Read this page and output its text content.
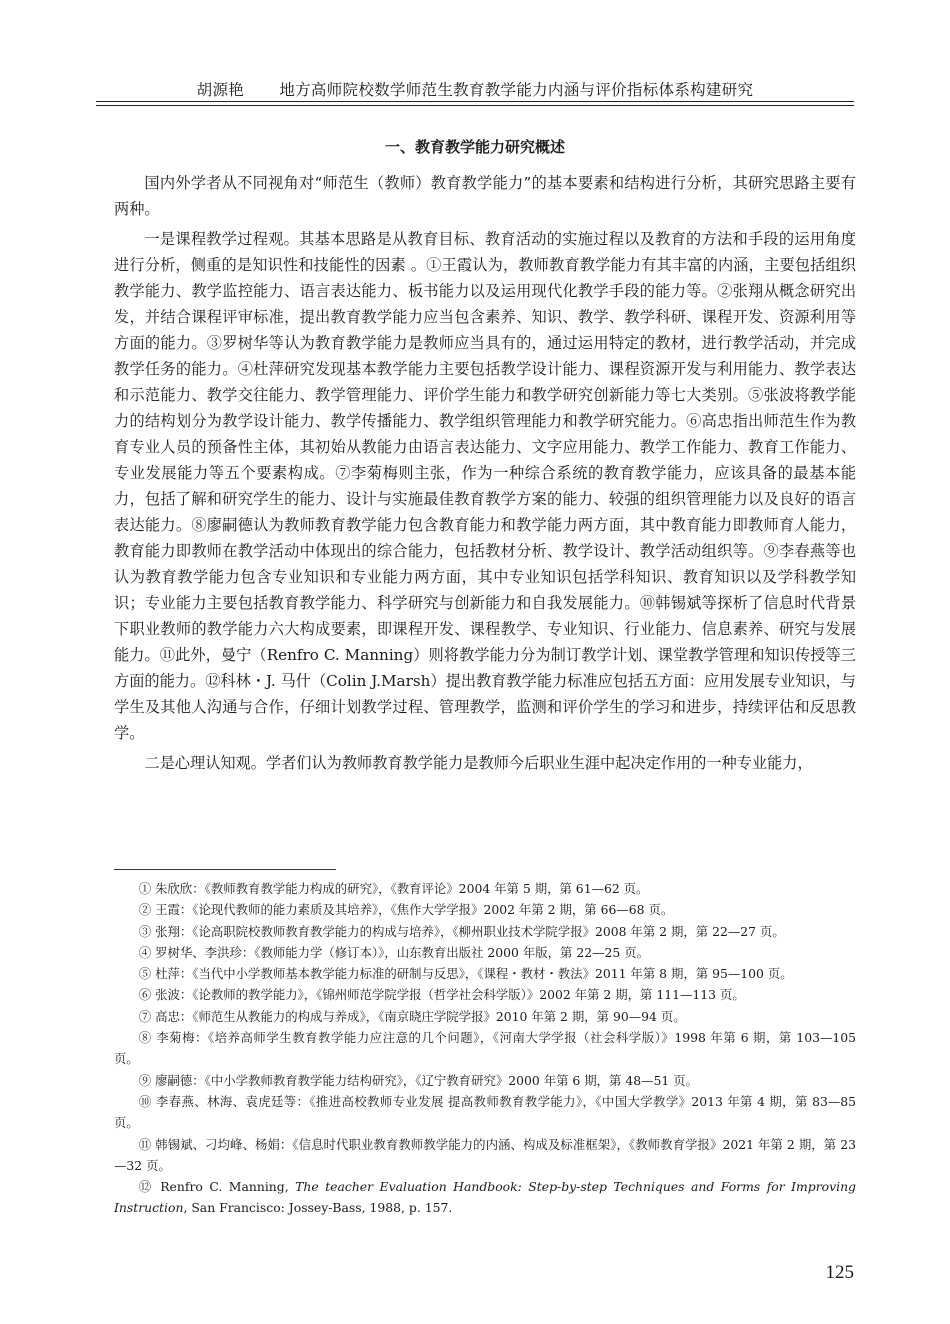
胡源艳 地方高师院校数学师范生教育教学能力内涵与评价指标体系构建研究
一、教育教学能力研究概述

国内外学者从不同视角对“师范生（教师）教育教学能力”的基本要素和结构进行分析，其研究思路主要有两种。

一是课程教学过程观。其基本思路是从教育目标、教育活动的实施过程以及教育的方法和手段的运用角度进行分析，侧重的是知识性和技能性的因素 。①王霞认为，教师教育教学能力有其丰富的内涵，主要包括组织教学能力、教学监控能力、语言表达能力、板书能力以及运用现代化教学手段的能力等。②张翔从概念研究出发，并结合课程评审标准，提出教育教学能力应当包含素养、知识、教学、教学科研、课程开发、资源利用等方面的能力。③罗树华等认为教育教学能力是教师应当具有的，通过运用特定的教材，进行教学活动，并完成教学任务的能力。④杜萍研究发现基本教学能力主要包括教学设计能力、课程资源开发与利用能力、教学表达和示范能力、教学交往能力、教学管理能力、评价学生能力和教学研究创新能力等七大类别。⑤张波将教学能力的结构划分为教学设计能力、教学传播能力、教学组织管理能力和教学研究能力。⑥高忠指出师范生作为教育专业人员的预备性主体，其初始从教能力由语言表达能力、文字应用能力、教学工作能力、教育工作能力、专业发展能力等五个要素构成。⑦李菊梅则主张，作为一种综合系统的教育教学能力，应该具备的最基本能力，包括了解和研究学生的能力、设计与实施最佳教育教学方案的能力、较强的组织管理能力以及良好的语言表达能力。⑧廖嗣德认为教师教育教学能力包含教育能力和教学能力两方面，其中教育能力即教师育人能力，教育能力即教师在教学活动中体现出的综合能力，包括教材分析、教学设计、教学活动组织等。⑨李春燕等也认为教育教学能力包含专业知识和专业能力两方面，其中专业知识包括学科知识、教育知识以及学科教学知识；专业能力主要包括教育教学能力、科学研究与创新能力和自我发展能力。⑩韩锡斌等探析了信息时代背景下职业教师的教学能力六大构成要素，即课程开发、课程教学、专业知识、行业能力、信息素养、研究与发展能力。⑪此外，曼宁（Renfro C. Manning）则将教学能力分为制订教学计划、课堂教学管理和知识传授等三方面的能力。⑫科林・J. 马什（Colin J.Marsh）提出教育教学能力标准应包括五方面：应用发展专业知识，与学生及其他人沟通与合作，仔细计划教学过程、管理教学，监测和评价学生的学习和进步，持续评估和反思教学。

二是心理认知观。学者们认为教师教育教学能力是教师今后职业生涯中起决定作用的一种专业能力，

① 朱欣欣：《教师教育教学能力构成的研究》，《教育评论》2004 年第 5 期，第 61—62 页。
② 王霞：《论现代教师的能力素质及其培养》，《焦作大学学报》2002 年第 2 期，第 66—68 页。
③ 张翔：《论高职院校教师教育教学能力的构成与培养》，《柳州职业技术学院学报》2008 年第 2 期，第 22—27 页。
④ 罗树华、李洪珍：《教师能力学（修订本）》，山东教育出版社 2000 年版，第 22—25 页。
⑤ 杜萍：《当代中小学教师基本教学能力标准的研制与反思》，《课程・教材・教法》2011 年第 8 期，第 95—100 页。
⑥ 张波：《论教师的教学能力》，《锦州师范学院学报（哲学社会科学版）》2002 年第 2 期，第 111—113 页。
⑦ 高忠：《师范生从教能力的构成与养成》，《南京晓庄学院学报》2010 年第 2 期，第 90—94 页。
⑧ 李菊梅：《培养高师学生教育教学能力应注意的几个问题》，《河南大学学报（社会科学版）》1998 年第 6 期，第 103—105 页。
⑨ 廖嗣德：《中小学教师教育教学能力结构研究》，《辽宁教育研究》2000 年第 6 期，第 48—51 页。
⑩ 李春燕、林海、袁虎廷等：《推进高校教师专业发展 提高教师教育教学能力》，《中国大学教学》2013 年第 4 期，第 83—85 页。
⑪ 韩锡斌、刁均峰、杨娟：《信息时代职业教育教师教学能力的内涵、构成及标准框架》，《教师教育学报》2021 年第 2 期，第 23—32 页。
⑫ Renfro C. Manning, The teacher Evaluation Handbook: Step-by-step Techniques and Forms for Improving Instruction, San Francisco: Jossey-Bass, 1988, p. 157.
125
